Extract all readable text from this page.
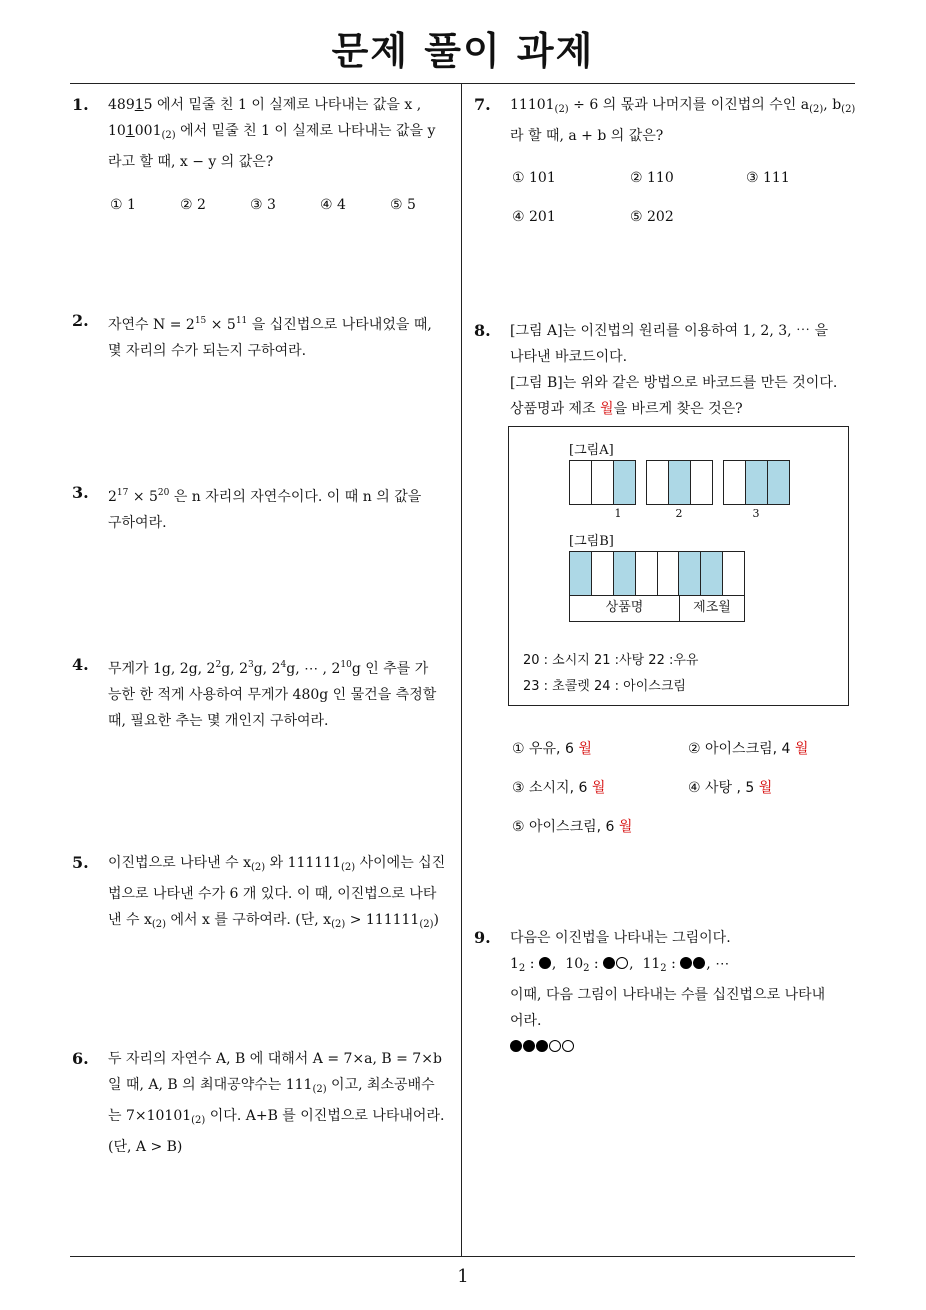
문제 풀이 과제
1
1. 48915 에서 밑줄 친 1 이 실제로 나타내는 값을 x ,
$101001_{(2)}$ 에서 밑줄 친 1 이 실제로 나타내는 값을 y
라고 할 때, x − y 의 값은?
① 1	② 2	③ 3	④ 4	⑤ 5
2. 자연수 $N = 2^{15} \times 5^{11}$ 을 십진법으로 나타내었을 때,
몇 자리의 수가 되는지 구하여라.
3. $2^{17} \times 5^{20}$ 은 n 자리의 자연수이다. 이 때 n 의 값을
구하여라.
4. 무게가 1g, 2g, $2^2g$, $2^3g$, $2^4g$, ⋯ , $2^{10}g$ 인 추를 가
능한 한 적게 사용하여 무게가 480g 인 물건을 측정할
때, 필요한 추는 몇 개인지 구하여라.
5. 이진법으로 나타낸 수 $x_{(2)}$ 와 $111111_{(2)}$ 사이에는 십진
법으로 나타낸 수가 6 개 있다. 이 때, 이진법으로 나타
낸 수 $x_{(2)}$ 에서 x 를 구하여라. (단, $x_{(2)} > 111111_{(2)}$)
6. 두 자리의 자연수 A, B 에 대해서 A = 7×a, B = 7×b
일 때, A, B 의 최대공약수는 $111_{(2)}$ 이고, 최소공배수
는 $7\times 10101_{(2)}$ 이다. A+B 를 이진법으로 나타내어라.
(단, A > B)
7. $11101_{(2)} \div 6$ 의 몫과 나머지를 이진법의 수인 $a_{(2)}$, $b_{(2)}$
라 할 때, a + b 의 값은?
① 101	② 110	③ 111
④ 201	⑤ 202
8. [그림 A]는 이진법의 원리를 이용하여 1, 2, 3, ⋯ 을
나타낸 바코드이다.
[그림 B]는 위와 같은 방법으로 바코드를 만든 것이다.
상품명과 제조 월을 바르게 찾은 것은?
[그림A]
1	2	3
[그림B]
상품명	제조월
20 : 소시지 21 :사탕 22 :우유
23 : 초콜렛 24 : 아이스크림
① 우유, 6 월	② 아이스크림, 4 월
③ 소시지, 6 월	④ 사탕 , 5 월
⑤ 아이스크림, 6 월
9. 다음은 이진법을 나타내는 그림이다.
$1_2$ : ,  $10_2$ : ,  $11_2$ : , ⋯
이때, 다음 그림이 나타내는 수를 십진법으로 나타내
어라.
